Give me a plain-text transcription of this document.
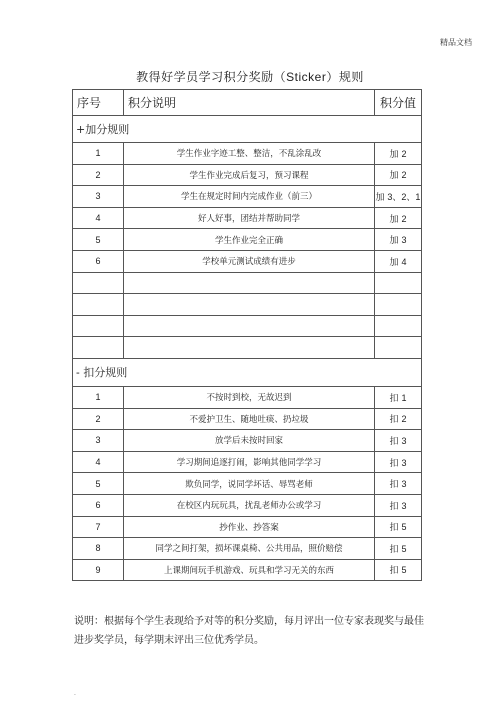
精品文档
教得好学员学习积分奖励（Sticker）规则
序号	积分说明	积分值
+加分规则		
1	学生作业字迹工整、整洁，不乱涂乱改	加 2
2	学生作业完成后复习，预习课程	加 2
3	学生在规定时间内完成作业（前三）	加 3、2、1
4	好人好事，团结并帮助同学	加 2
5	学生作业完全正确	加 3
6	学校单元测试成绩有进步	加 4

- 扣分规则		
1	不按时到校，无故迟到	扣 1
2	不爱护卫生、随地吐痰、扔垃圾	扣 2
3	放学后未按时回家	扣 3
4	学习期间追逐打闹，影响其他同学学习	扣 3
5	欺负同学，说同学坏话、辱骂老师	扣 3
6	在校区内玩玩具，扰乱老师办公或学习	扣 3
7	抄作业、抄答案	扣 5
8	同学之间打架，损坏课桌椅、公共用品，照价赔偿	扣 5
9	上课期间玩手机游戏、玩具和学习无关的东西	扣 5
说明：根据每个学生表现给予对等的积分奖励，每月评出一位专家表现奖与最佳进步奖学员，每学期末评出三位优秀学员。
.
